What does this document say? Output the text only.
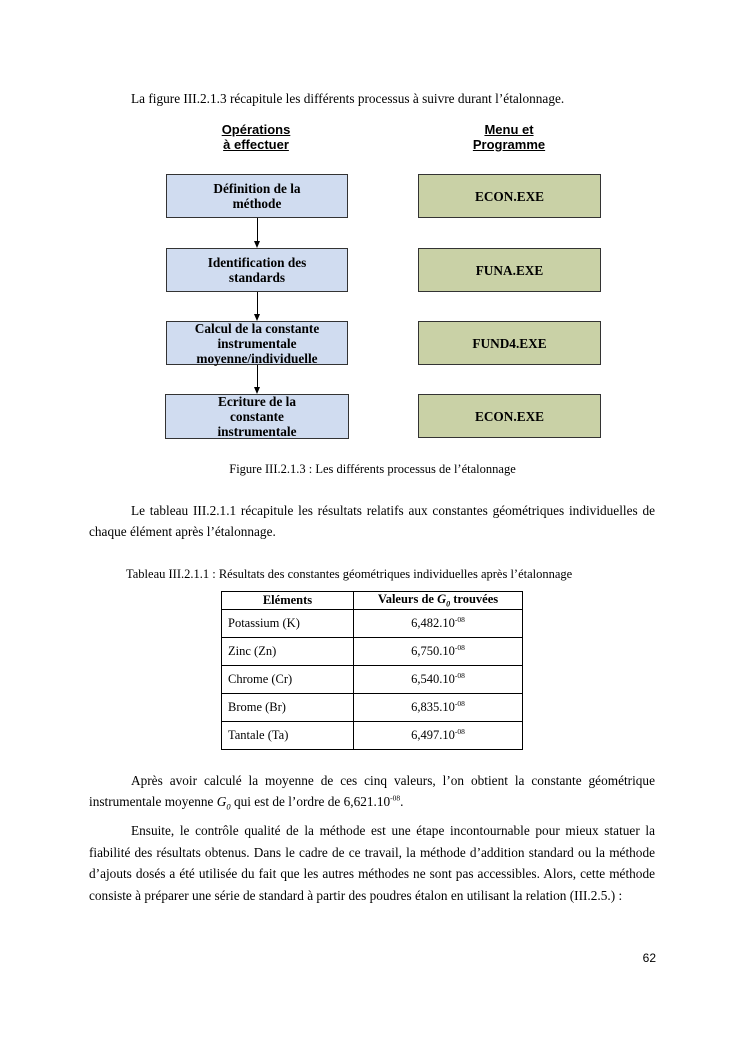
La figure III.2.1.3 récapitule les différents processus à suivre durant l’étalonnage.
Opérations
à effectuer
Menu et
Programme
Définition de la
méthode
Identification des
standards
Calcul de la constante
instrumentale
moyenne/individuelle
Ecriture de la
constante
instrumentale
ECON.EXE
FUNA.EXE
FUND4.EXE
ECON.EXE
Figure III.2.1.3 : Les différents processus de l’étalonnage
Le tableau III.2.1.1 récapitule les résultats relatifs aux constantes géométriques individuelles de chaque élément après l’étalonnage.
Tableau III.2.1.1 : Résultats des constantes géométriques individuelles après l’étalonnage
Eléments	Valeurs de $G_0$ trouvées
Potassium (K)	$6,482.10^{-08}$
Zinc (Zn)	$6,750.10^{-08}$
Chrome (Cr)	$6,540.10^{-08}$
Brome (Br)	$6,835.10^{-08}$
Tantale (Ta)	$6,497.10^{-08}$
Après avoir calculé la moyenne de ces cinq valeurs, l’on obtient la constante géométrique instrumentale moyenne $G_0$ qui est de l’ordre de $6,621.10^{-08}$.
Ensuite, le contrôle qualité de la méthode est une étape incontournable pour mieux statuer la fiabilité des résultats obtenus. Dans le cadre de ce travail, la méthode d’addition standard ou la méthode d’ajouts dosés a été utilisée du fait que les autres méthodes ne sont pas accessibles. Alors, cette méthode consiste à préparer une série de standard à partir des poudres étalon en utilisant la relation (III.2.5.) :
62
